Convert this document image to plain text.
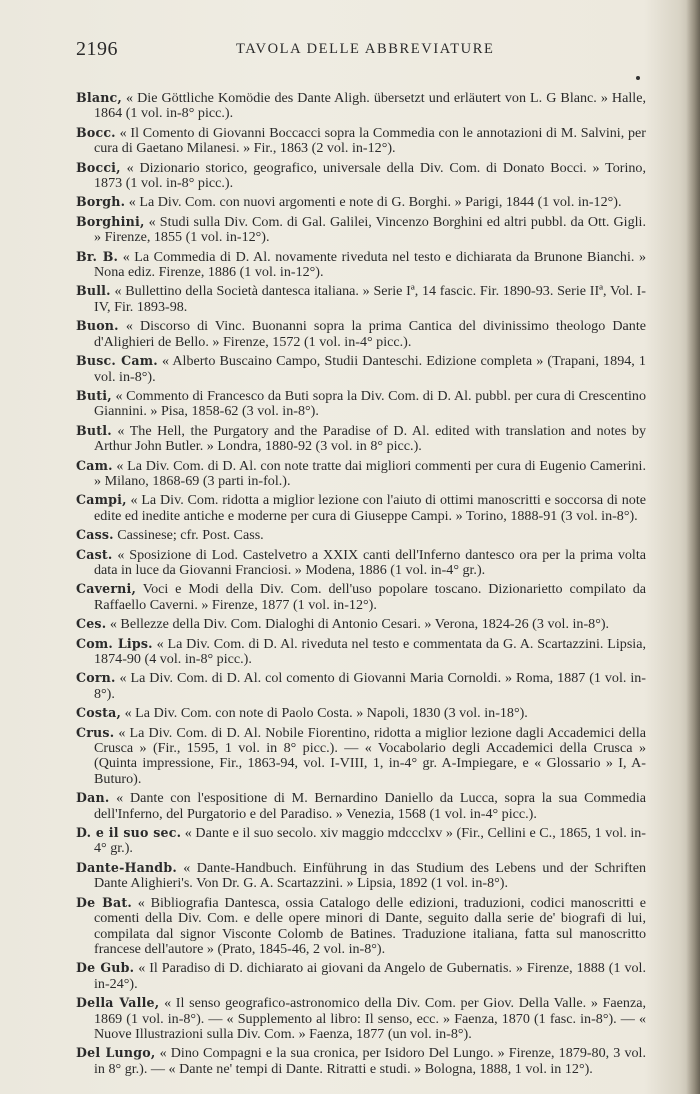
2196	TAVOLA DELLE ABBREVIATURE

Blanc, « Die Göttliche Komödie des Dante Aligh. übersetzt und erläutert von L. G Blanc. » Halle, 1864 (1 vol. in-8° picc.).

Bocc. « Il Comento di Giovanni Boccacci sopra la Commedia con le annotazioni di M. Salvini, per cura di Gaetano Milanesi. » Fir., 1863 (2 vol. in-12°).

Bocci, « Dizionario storico, geografico, universale della Div. Com. di Donato Bocci. » Torino, 1873 (1 vol. in-8° picc.).

Borgh. « La Div. Com. con nuovi argomenti e note di G. Borghi. » Parigi, 1844 (1 vol. in-12°).

Borghini, « Studi sulla Div. Com. di Gal. Galilei, Vincenzo Borghini ed altri pubbl. da Ott. Gigli. » Firenze, 1855 (1 vol. in-12°).

Br. B. « La Commedia di D. Al. novamente riveduta nel testo e dichiarata da Brunone Bianchi. » Nona ediz. Firenze, 1886 (1 vol. in-12°).

Bull. « Bullettino della Società dantesca italiana. » Serie Iª, 14 fascic. Fir. 1890-93. Serie IIª, Vol. I-IV, Fir. 1893-98.

Buon. « Discorso di Vinc. Buonanni sopra la prima Cantica del divinissimo theologo Dante d'Alighieri de Bello. » Firenze, 1572 (1 vol. in-4° picc.).

Busc. Cam. « Alberto Buscaino Campo, Studii Danteschi. Edizione completa » (Trapani, 1894, 1 vol. in-8°).

Buti, « Commento di Francesco da Buti sopra la Div. Com. di D. Al. pubbl. per cura di Crescentino Giannini. » Pisa, 1858-62 (3 vol. in-8°).

Butl. « The Hell, the Purgatory and the Paradise of D. Al. edited with translation and notes by Arthur John Butler. » Londra, 1880-92 (3 vol. in 8° picc.).

Cam. « La Div. Com. di D. Al. con note tratte dai migliori commenti per cura di Eugenio Camerini. » Milano, 1868-69 (3 parti in-fol.).

Campi, « La Div. Com. ridotta a miglior lezione con l'aiuto di ottimi manoscritti e soccorsa di note edite ed inedite antiche e moderne per cura di Giuseppe Campi. » Torino, 1888-91 (3 vol. in-8°).

Cass. Cassinese; cfr. Post. Cass.

Cast. « Sposizione di Lod. Castelvetro a XXIX canti dell'Inferno dantesco ora per la prima volta data in luce da Giovanni Franciosi. » Modena, 1886 (1 vol. in-4° gr.).

Caverni, Voci e Modi della Div. Com. dell'uso popolare toscano. Dizionarietto compilato da Raffaello Caverni. » Firenze, 1877 (1 vol. in-12°).

Ces. « Bellezze della Div. Com. Dialoghi di Antonio Cesari. » Verona, 1824-26 (3 vol. in-8°).

Com. Lips. « La Div. Com. di D. Al. riveduta nel testo e commentata da G. A. Scartazzini. Lipsia, 1874-90 (4 vol. in-8° picc.).

Corn. « La Div. Com. di D. Al. col comento di Giovanni Maria Cornoldi. » Roma, 1887 (1 vol. in-8°).

Costa, « La Div. Com. con note di Paolo Costa. » Napoli, 1830 (3 vol. in-18°).

Crus. « La Div. Com. di D. Al. Nobile Fiorentino, ridotta a miglior lezione dagli Accademici della Crusca » (Fir., 1595, 1 vol. in 8° picc.). — « Vocabolario degli Accademici della Crusca » (Quinta impressione, Fir., 1863-94, vol. I-VIII, 1, in-4° gr. A-Impiegare, e « Glossario » I, A-Buturo).

Dan. « Dante con l'espositione di M. Bernardino Daniello da Lucca, sopra la sua Commedia dell'Inferno, del Purgatorio e del Paradiso. » Venezia, 1568 (1 vol. in-4° picc.).

D. e il suo sec. « Dante e il suo secolo. xiv maggio mdccclxv » (Fir., Cellini e C., 1865, 1 vol. in-4° gr.).

Dante-Handb. « Dante-Handbuch. Einführung in das Studium des Lebens und der Schriften Dante Alighieri's. Von Dr. G. A. Scartazzini. » Lipsia, 1892 (1 vol. in-8°).

De Bat. « Bibliografia Dantesca, ossia Catalogo delle edizioni, traduzioni, codici manoscritti e comenti della Div. Com. e delle opere minori di Dante, seguito dalla serie de' biografi di lui, compilata dal signor Visconte Colomb de Batines. Traduzione italiana, fatta sul manoscritto francese dell'autore » (Prato, 1845-46, 2 vol. in-8°).

De Gub. « Il Paradiso di D. dichiarato ai giovani da Angelo de Gubernatis. » Firenze, 1888 (1 vol. in-24°).

Della Valle, « Il senso geografico-astronomico della Div. Com. per Giov. Della Valle. » Faenza, 1869 (1 vol. in-8°). — « Supplemento al libro: Il senso, ecc. » Faenza, 1870 (1 fasc. in-8°). — « Nuove Illustrazioni sulla Div. Com. » Faenza, 1877 (un vol. in-8°).

Del Lungo, « Dino Compagni e la sua cronica, per Isidoro Del Lungo. » Firenze, 1879-80, 3 vol. in 8° gr.). — « Dante ne' tempi di Dante. Ritratti e studi. » Bologna, 1888, 1 vol. in 12°).
